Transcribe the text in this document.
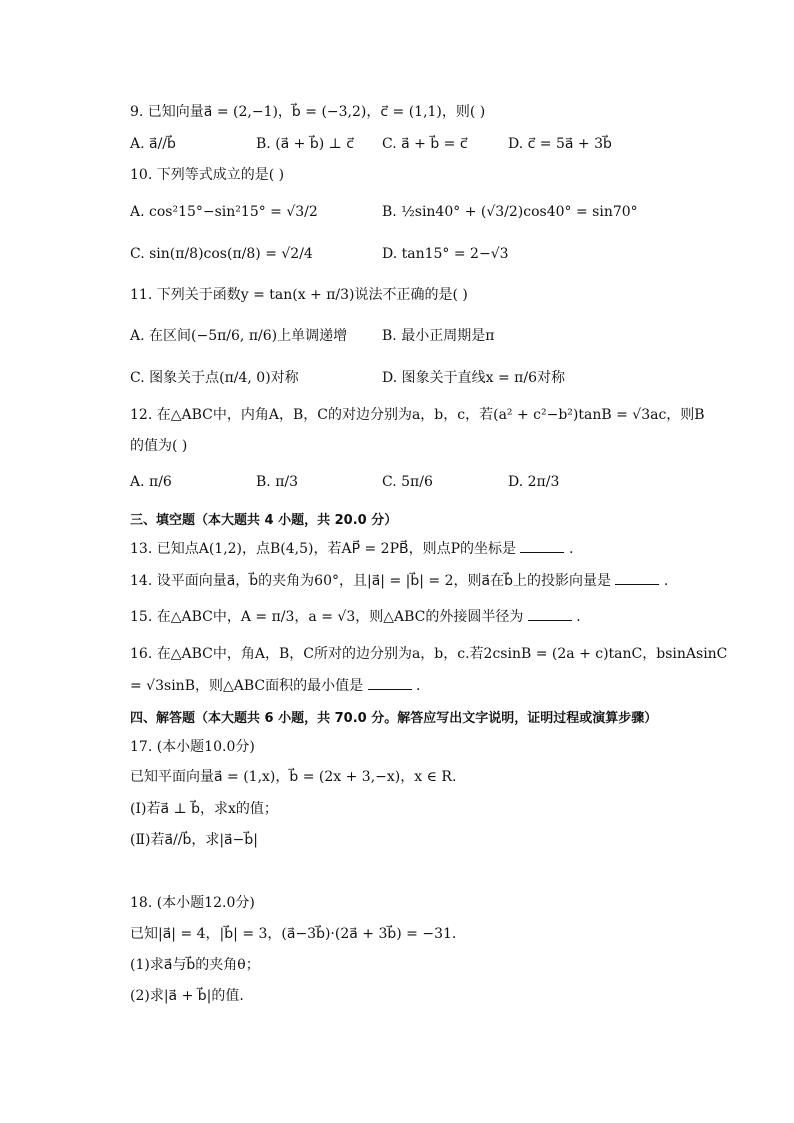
9. 已知向量a⃗ = (2,−1)，b⃗ = (−3,2)，c⃗ = (1,1)，则( )
A. a⃗//b⃗	B. (a⃗ + b⃗) ⊥ c⃗ C. a⃗ + b⃗ = c⃗	D. c⃗ = 5a⃗ + 3b⃗
10. 下列等式成立的是( )
A. cos²15°−sin²15° = √3/2	B. ½sin40° + (√3/2)cos40° = sin70°
C. sin(π/8)cos(π/8) = √2/4	D. tan15° = 2−√3
11. 下列关于函数y = tan(x + π/3)说法不正确的是( )
A. 在区间(−5π/6, π/6)上单调递增 B. 最小正周期是π
C. 图象关于点(π/4, 0)对称	D. 图象关于直线x = π/6对称
12. 在△ABC中，内角A，B，C的对边分别为a，b，c，若(a² + c²−b²)tanB = √3ac，则B
的值为( )
A. π/6	B. π/3	C. 5π/6	D. 2π/3
三、填空题（本大题共 4 小题，共 20.0 分）
13. 已知点A(1,2)，点B(4,5)，若AP⃗ = 2PB⃗，则点P的坐标是	.
14. 设平面向量a⃗，b⃗的夹角为60°，且|a⃗| = |b⃗| = 2，则a⃗在b⃗上的投影向量是	.
15. 在△ABC中，A = π/3，a = √3，则△ABC的外接圆半径为	.
16. 在△ABC中，角A，B，C所对的边分别为a，b，c.若2csinB = (2a + c)tanC，bsinAsinC
= √3sinB，则△ABC面积的最小值是	.
四、解答题（本大题共 6 小题，共 70.0 分。解答应写出文字说明，证明过程或演算步骤）
17. (本小题10.0分)
已知平面向量a⃗ = (1,x)，b⃗ = (2x + 3,−x)，x ∈ R.
(Ⅰ)若a⃗ ⊥ b⃗，求x的值；
(Ⅱ)若a⃗//b⃗，求|a⃗−b⃗|
18. (本小题12.0分)
已知|a⃗| = 4，|b⃗| = 3，(a⃗−3b⃗)·(2a⃗ + 3b⃗) = −31.
(1)求a⃗与b⃗的夹角θ；
(2)求|a⃗ + b⃗|的值.
